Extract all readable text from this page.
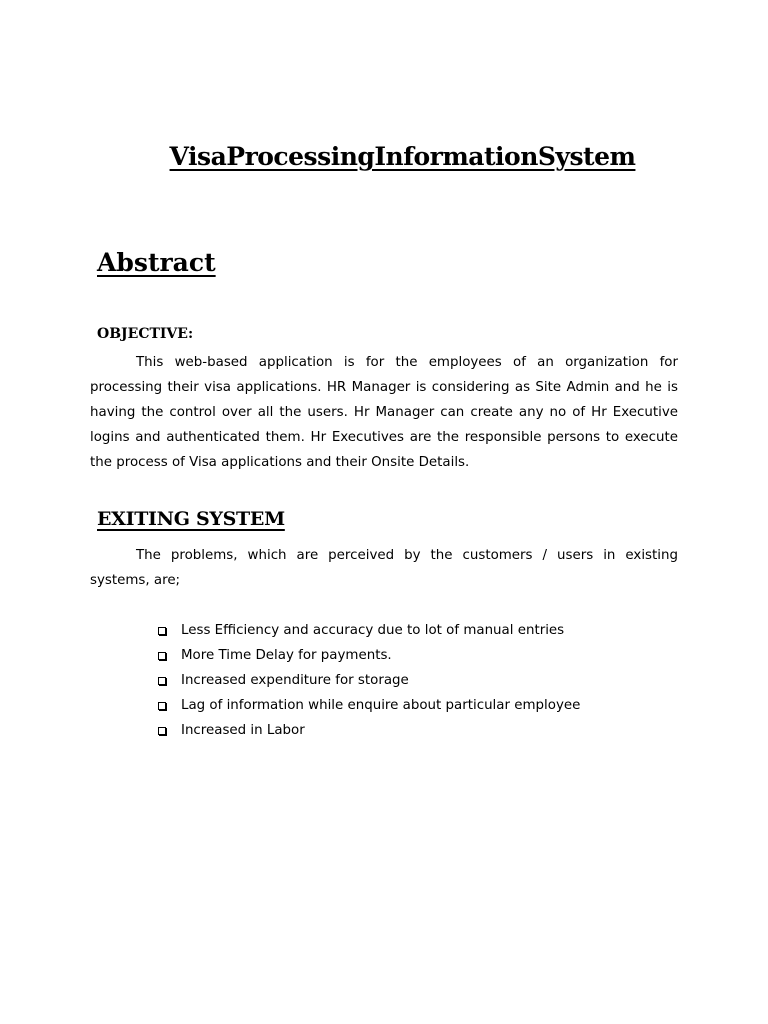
VisaProcessingInformationSystem
Abstract
OBJECTIVE:

This web-based application is for the employees of an organization for processing their visa applications. HR Manager is considering as Site Admin and he is having the control over all the users. Hr Manager can create any no of Hr Executive logins and authenticated them. Hr Executives are the responsible persons to execute the process of Visa applications and their Onsite Details.

EXITING SYSTEM

The problems, which are perceived by the customers / users in existing systems, are;

Less Efficiency and accuracy due to lot of manual entries
More Time Delay for payments.
Increased expenditure for storage
Lag of information while enquire about particular employee
Increased in Labor
